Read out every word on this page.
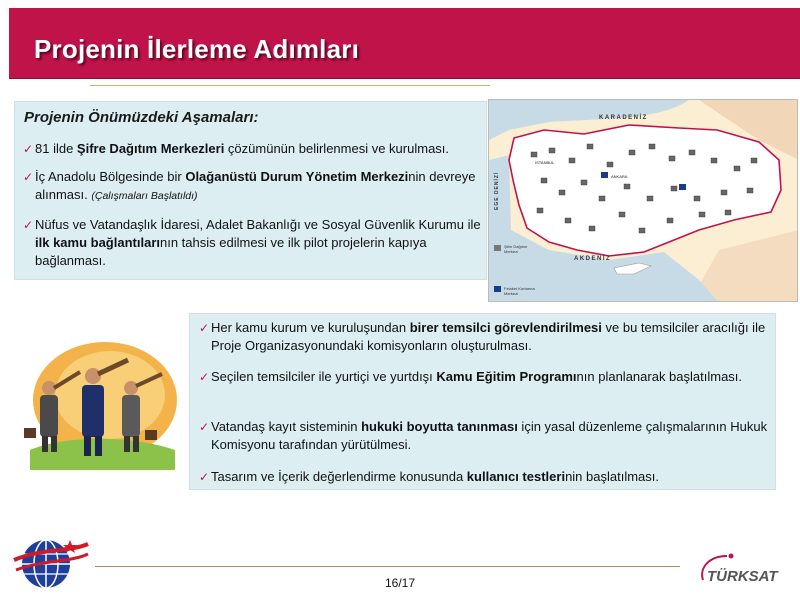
Projenin İlerleme Adımları
Projenin Önümüzdeki Aşamaları:
✓ 81 ilde Şifre Dağıtım Merkezleri çözümünün belirlenmesi ve kurulması.
✓ İç Anadolu Bölgesinde bir Olağanüstü Durum Yönetim Merkezinin devreye alınması. (Çalışmaları Başlatıldı)
✓ Nüfus ve Vatandaşlık İdaresi, Adalet Bakanlığı ve Sosyal Güvenlik Kurumu ile ilk kamu bağlantılarının tahsis edilmesi ve ilk pilot projelerin kapıya bağlanması.
KARADENİZ
AKDENİZ
EGE DENİZİ	ANKARA
İSTANBUL
Şifre Dağıtım
Merkezi
Felaket Kurtarma
Merkezi
✓ Her kamu kurum ve kuruluşundan birer temsilci görevlendirilmesi ve bu temsilciler aracılığı ile Proje Organizasyonundaki komisyonların oluşturulması.
✓ Seçilen temsilciler ile yurtiçi ve yurtdışı Kamu Eğitim Programının planlanarak başlatılması.
✓ Vatandaş kayıt sisteminin hukuki boyutta tanınması için yasal düzenleme çalışmalarının Hukuk Komisyonu tarafından yürütülmesi.
✓ Tasarım ve İçerik değerlendirme konusunda kullanıcı testlerinin başlatılması.
16/17	TÜRKSAT
